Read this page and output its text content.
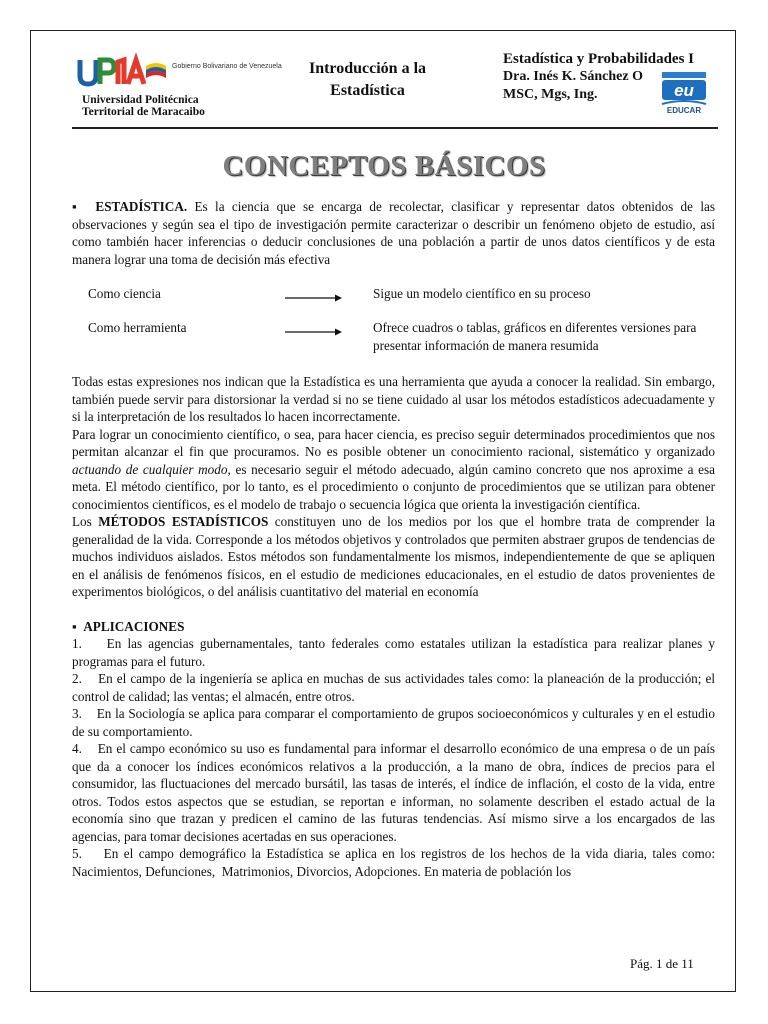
Gobierno Bolivariano de Venezuela
Universidad Politécnica
Territorial de Maracaibo
Introducción a la
Estadística
Estadística y Probabilidades I
Dra. Inés K. Sánchez O
MSC, Mgs, Ing.	eu
EDUCAR
CONCEPTOS BÁSICOS

▪ ESTADÍSTICA. Es la ciencia que se encarga de recolectar, clasificar y representar datos obtenidos de las observaciones y según sea el tipo de investigación permite caracterizar o describir un fenómeno objeto de estudio, así como también hacer inferencias o deducir conclusiones de una población a partir de unos datos científicos y de esta manera lograr una toma de decisión más efectiva

Como ciencia	Sigue un modelo científico en su proceso
Como herramienta	Ofrece cuadros o tablas, gráficos en diferentes versiones para presentar información de manera resumida

Todas estas expresiones nos indican que la Estadística es una herramienta que ayuda a conocer la realidad. Sin embargo, también puede servir para distorsionar la verdad si no se tiene cuidado al usar los métodos estadísticos adecuadamente y si la interpretación de los resultados lo hacen incorrectamente.

Para lograr un conocimiento científico, o sea, para hacer ciencia, es preciso seguir determinados procedimientos que nos permitan alcanzar el fin que procuramos. No es posible obtener un conocimiento racional, sistemático y organizado actuando de cualquier modo, es necesario seguir el método adecuado, algún camino concreto que nos aproxime a esa meta. El método científico, por lo tanto, es el procedimiento o conjunto de procedimientos que se utilizan para obtener conocimientos científicos, es el modelo de trabajo o secuencia lógica que orienta la investigación científica.

Los MÉTODOS ESTADÍSTICOS constituyen uno de los medios por los que el hombre trata de comprender la generalidad de la vida. Corresponde a los métodos objetivos y controlados que permiten abstraer grupos de tendencias de muchos individuos aislados. Estos métodos son fundamentalmente los mismos, independientemente de que se apliquen en el análisis de fenómenos físicos, en el estudio de mediciones educacionales, en el estudio de datos provenientes de experimentos biológicos, o del análisis cuantitativo del material en economía

▪ APLICACIONES

1.    En las agencias gubernamentales, tanto federales como estatales utilizan la estadística para realizar planes y programas para el futuro.

2.    En el campo de la ingeniería se aplica en muchas de sus actividades tales como: la planeación de la producción; el control de calidad; las ventas; el almacén, entre otros.

3.    En la Sociología se aplica para comparar el comportamiento de grupos socioeconómicos y culturales y en el estudio de su comportamiento.

4.    En el campo económico su uso es fundamental para informar el desarrollo económico de una empresa o de un país que da a conocer los índices económicos relativos a la producción, a la mano de obra, índices de precios para el consumidor, las fluctuaciones del mercado bursátil, las tasas de interés, el índice de inflación, el costo de la vida, entre otros. Todos estos aspectos que se estudian, se reportan e informan, no solamente describen el estado actual de la economía sino que trazan y predicen el camino de las futuras tendencias. Así mismo sirve a los encargados de las agencias, para tomar decisiones acertadas en sus operaciones.

5.    En el campo demográfico la Estadística se aplica en los registros de los hechos de la vida diaria, tales como: Nacimientos, Defunciones,  Matrimonios, Divorcios, Adopciones. En materia de población los

Pág. 1 de 11
